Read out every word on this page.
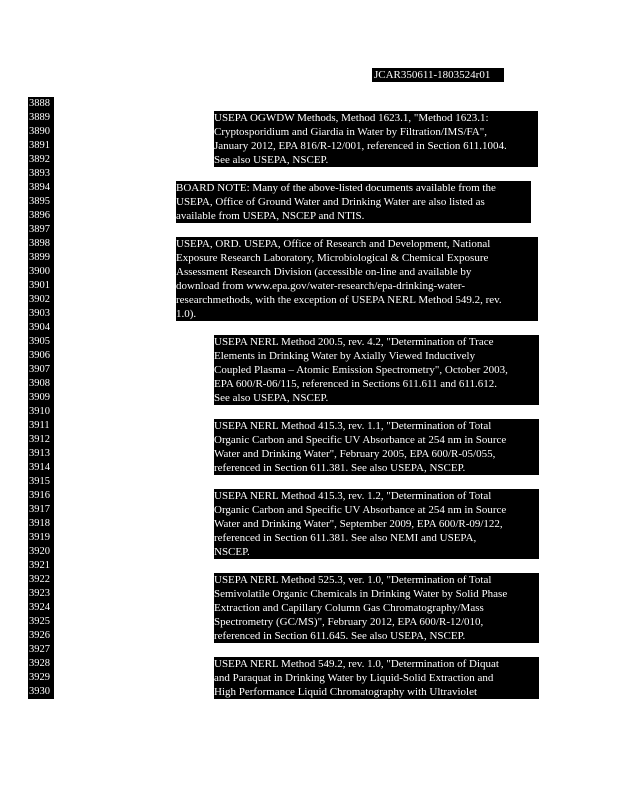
JCAR350611-1803524r01
3888
3889
3890
3891
3892
3893
3894
3895
3896
3897
3898
3899
3900
3901
3902
3903
3904
3905
3906
3907
3908
3909
3910
3911
3912
3913
3914
3915
3916
3917
3918
3919
3920
3921
3922
3923
3924
3925
3926
3927
3928
3929
3930
USEPA OGWDW Methods, Method 1623.1, "Method 1623.1:
Cryptosporidium and Giardia in Water by Filtration/IMS/FA",
January 2012, EPA 816/R-12/001, referenced in Section 611.1004.
See also USEPA, NSCEP.
BOARD NOTE: Many of the above-listed documents available from the
USEPA, Office of Ground Water and Drinking Water are also listed as
available from USEPA, NSCEP and NTIS.
USEPA, ORD. USEPA, Office of Research and Development, National
Exposure Research Laboratory, Microbiological & Chemical Exposure
Assessment Research Division (accessible on-line and available by
download from www.epa.gov/water-research/epa-drinking-water-
researchmethods, with the exception of USEPA NERL Method 549.2, rev.
1.0).
USEPA NERL Method 200.5, rev. 4.2, "Determination of Trace
Elements in Drinking Water by Axially Viewed Inductively
Coupled Plasma – Atomic Emission Spectrometry", October 2003,
EPA 600/R-06/115, referenced in Sections 611.611 and 611.612.
See also USEPA, NSCEP.
USEPA NERL Method 415.3, rev. 1.1, "Determination of Total
Organic Carbon and Specific UV Absorbance at 254 nm in Source
Water and Drinking Water", February 2005, EPA 600/R-05/055,
referenced in Section 611.381. See also USEPA, NSCEP.
USEPA NERL Method 415.3, rev. 1.2, "Determination of Total
Organic Carbon and Specific UV Absorbance at 254 nm in Source
Water and Drinking Water", September 2009, EPA 600/R-09/122,
referenced in Section 611.381. See also NEMI and USEPA,
NSCEP.
USEPA NERL Method 525.3, ver. 1.0, "Determination of Total
Semivolatile Organic Chemicals in Drinking Water by Solid Phase
Extraction and Capillary Column Gas Chromatography/Mass
Spectrometry (GC/MS)", February 2012, EPA 600/R-12/010,
referenced in Section 611.645. See also USEPA, NSCEP.
USEPA NERL Method 549.2, rev. 1.0, "Determination of Diquat
and Paraquat in Drinking Water by Liquid-Solid Extraction and
High Performance Liquid Chromatography with Ultraviolet
